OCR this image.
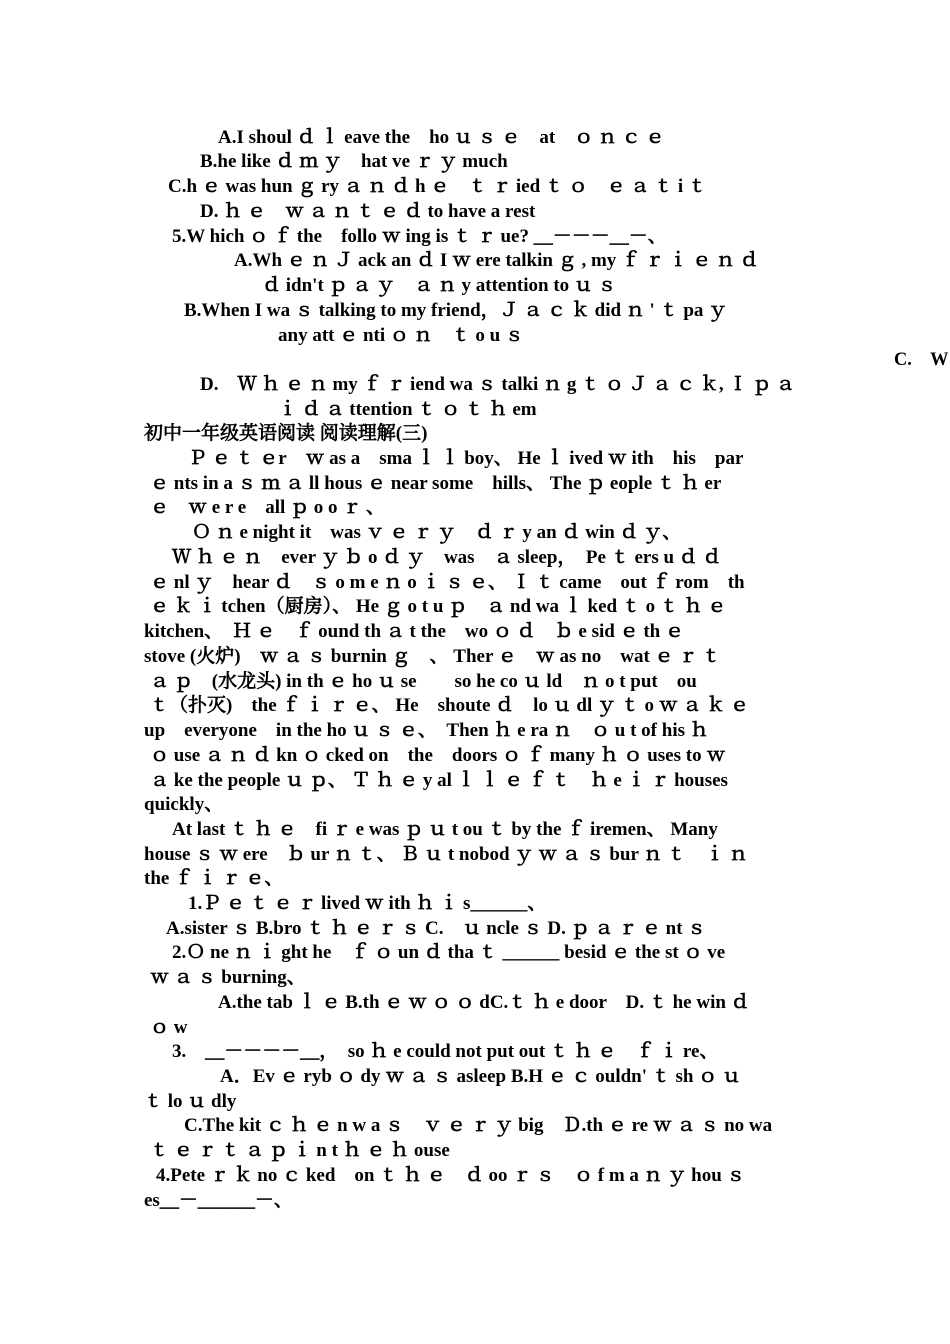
A.I shoul ｄ ｌ eave the　ho ｕ ｓ ｅ　at　ｏ ｎ ｃ ｅ
B.he like ｄ ｍ ｙ　hat ve ｒ ｙ much
C.h ｅ was hun ｇ ry ａ ｎ ｄ h ｅ　ｔ ｒ ied ｔ ｏ　ｅ ａ ｔ i ｔ
D. ｈ ｅ　ｗ ａ ｎ ｔ ｅ ｄ to have a rest
5.W hich ｏ ｆ the　follo ｗ ing is ｔ ｒ ue? ＿－－－＿－、
A.Wh ｅ ｎ Ｊ ack an ｄ I ｗ ere talkin ｇ , my ｆ ｒ ｉ ｅ ｎ ｄ
ｄ idn't ｐ ａ ｙ　ａ ｎ y attention to ｕ ｓ
B.When I wa ｓ talking to my friend，Ｊ ａ ｃ ｋ did ｎ ' ｔ pa ｙ
any att ｅ nti ｏ ｎ　ｔ o u ｓ
C.　W
D.　Ｗ ｈ ｅ ｎ my ｆ ｒ iend wa ｓ talki ｎ g ｔ ｏ Ｊ ａ ｃ ｋ, Ｉ ｐ ａ
ｉ ｄ ａ ttention ｔ ｏ ｔ ｈ em
初中一年级英语阅读 阅读理解(三)
Ｐ ｅ ｔ ｅr　ｗ as a　sma ｌ ｌ boy、 He ｌ ived ｗ ith　his　par
ｅ nts in a ｓ ｍ ａ ll hous ｅ near some　hills、 The ｐ eople ｔ ｈ er
ｅ　ｗ e r e　all ｐ o o ｒ 、
Ｏ ｎ e night it　was ｖ ｅ ｒ ｙ　ｄ ｒ y an ｄ win ｄ ｙ、
Ｗ ｈ ｅ ｎ　ever ｙ ｂ o ｄ ｙ　was　ａ sleep，　Pe ｔ ers u ｄ ｄ
ｅ nl ｙ　hear ｄ　ｓ o m e ｎ o ｉ ｓ ｅ、 Ｉ ｔ came　out ｆ rom　th
ｅ ｋ ｉ tchen（厨房）、 He ｇ o t u ｐ　ａ nd wa ｌ ked ｔ o ｔ ｈ ｅ
kitchen、　Ｈ ｅ　ｆ ound th ａ t the　wo ｏ ｄ　ｂ e sid ｅ th ｅ
stove (火炉)　ｗ ａ ｓ burnin ｇ　、 Ther ｅ　ｗ as no　wat ｅ ｒ ｔ
ａ ｐ　(水龙头) in th ｅ ho ｕ se　　so he co ｕ ld　ｎ o t put　ou
ｔ（扑灭)　the ｆ ｉ ｒ ｅ、 He　shoute ｄ　lo ｕ dl ｙ ｔ o ｗ ａ ｋ ｅ
up　everyone　in the ho ｕ ｓ ｅ、　Then ｈ e ra ｎ　ｏ u t of his ｈ
ｏ use ａ ｎ ｄ kn ｏ cked on　the　doors ｏ ｆ many ｈ ｏ uses to ｗ
ａ ke the people ｕ ｐ、 Ｔ ｈ ｅ y al ｌ ｌ ｅ ｆ ｔ　ｈ e ｉ ｒ houses
quickly、
At last ｔ ｈ ｅ　fi ｒ e was ｐ ｕ t ou ｔ by the ｆ iremen、 Many
house ｓ ｗ ere　ｂ ur ｎ ｔ、 Ｂ ｕ t nobod ｙ ｗ ａ ｓ bur ｎ ｔ　ｉ ｎ
the ｆ ｉ ｒ ｅ、
1.Ｐ ｅ ｔ ｅ ｒ lived ｗ ith ｈ ｉ s______、
A.sister ｓ B.bro ｔ ｈ ｅ ｒ ｓ C.　ｕ ncle ｓ D. ｐ ａ ｒ ｅ nt ｓ
2.Ｏ ne ｎ ｉ ght he　ｆ ｏ un ｄ tha ｔ ______ besid ｅ the st ｏ ve
ｗ ａ ｓ burning、
A.the tab ｌ ｅ B.th ｅ ｗ ｏ ｏ dC.ｔ ｈ e door　D. ｔ he win ｄ
ｏ w
3.　＿－－－－＿，　so ｈ e could not put out ｔ ｈ ｅ　ｆ ｉ re、
A．Ev ｅ ryb ｏ dy ｗ ａ ｓ asleep B.H ｅ ｃ ouldn' ｔ sh ｏ ｕ
ｔ lo ｕ dly
C.The kit ｃ ｈ ｅ n w a ｓ　ｖ ｅ ｒ ｙ big　Ｄ.th ｅ re ｗ ａ ｓ no wa
ｔ ｅ ｒ ｔ ａ ｐ ｉ n t ｈ ｅ ｈ ouse
4.Pete ｒ ｋ no ｃ ked　on ｔ ｈ ｅ　ｄ oo ｒ ｓ　ｏ f m a ｎ ｙ hou ｓ
es＿－＿＿＿－、
